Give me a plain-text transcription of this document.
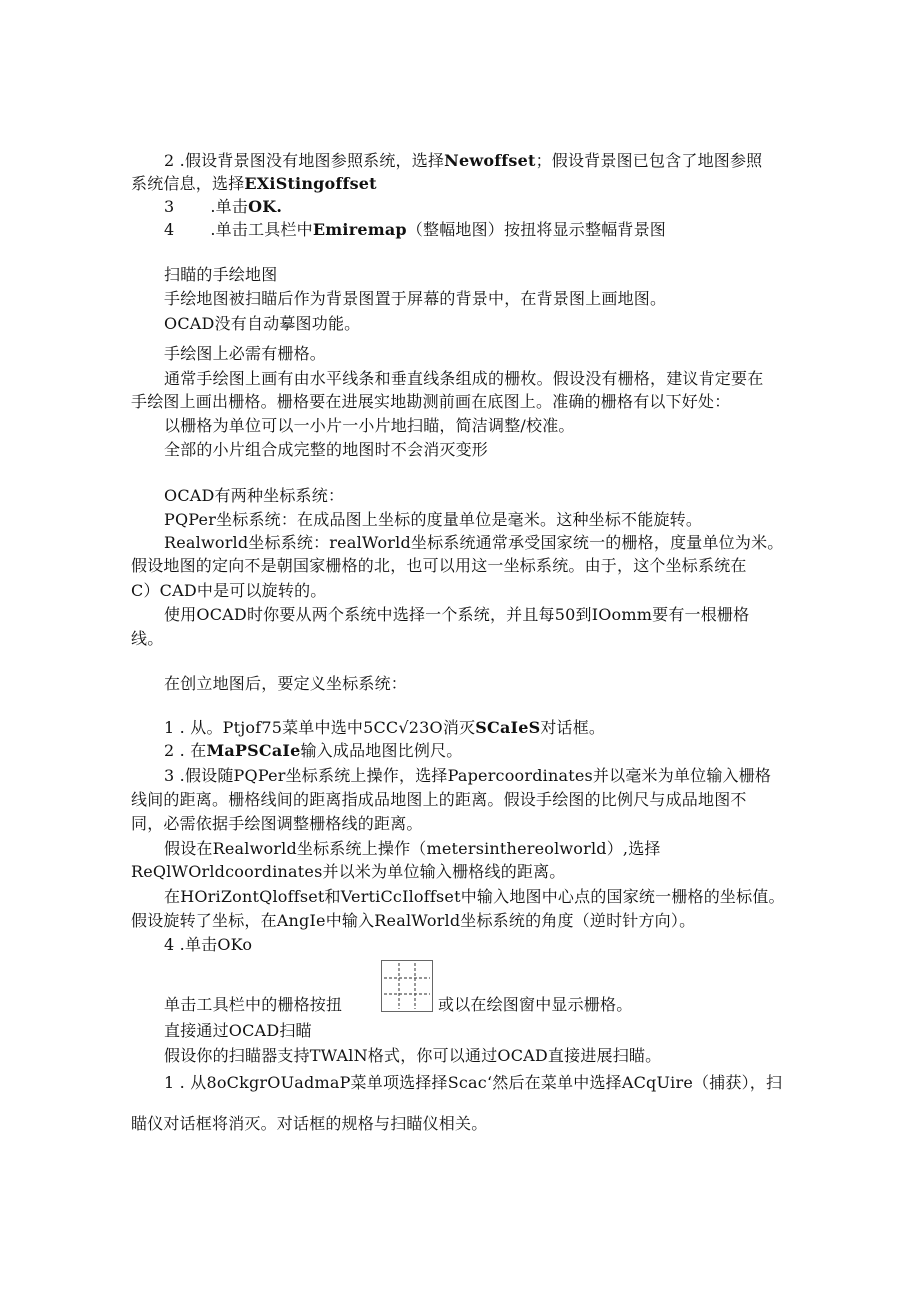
2 .假设背景图没有地图参照系统，选择Newoffset；假设背景图已包含了地图参照
系统信息，选择EXiStingoffset
3 .单击OK.
4 .单击工具栏中Emiremap（整幅地图）按扭将显示整幅背景图
扫瞄的手绘地图
手绘地图被扫瞄后作为背景图置于屏幕的背景中，在背景图上画地图。
OCAD没有自动摹图功能。
手绘图上必需有栅格。
通常手绘图上画有由水平线条和垂直线条组成的栅枚。假设没有栅格，建议肯定要在
手绘图上画出栅格。栅格要在进展实地勘测前画在底图上。准确的栅格有以下好处：
以栅格为单位可以一小片一小片地扫瞄，简洁调整/校准。
全部的小片组合成完整的地图时不会消灭变形
OCAD有两种坐标系统：
PQPer坐标系统：在成品图上坐标的度量单位是毫米。这种坐标不能旋转。
Realworld坐标系统：realWorld坐标系统通常承受国家统一的栅格，度量单位为米。
假设地图的定向不是朝国家栅格的北，也可以用这一坐标系统。由于，这个坐标系统在
C）CAD中是可以旋转的。
使用OCAD时你要从两个系统中选择一个系统，并且每50到IOomm要有一根栅格
线。
在创立地图后，要定义坐标系统：
1 . 从。Ptjof75菜单中选中5CC√23O消灭SCaIeS对话框。
2 . 在MaPSCaIe输入成品地图比例尺。
3 .假设随PQPer坐标系统上操作，选择Papercoordinates并以毫米为单位输入栅格
线间的距离。栅格线间的距离指成品地图上的距离。假设手绘图的比例尺与成品地图不
同，必需依据手绘图调整栅格线的距离。
假设在Realworld坐标系统上操作（metersinthereolworld）,选择
ReQlWOrldcoordinates并以米为单位输入栅格线的距离。
在HOriZontQloffset和VertiCcIloffset中输入地图中心点的国家统一栅格的坐标值。
假设旋转了坐标，在AngIe中输入RealWorld坐标系统的角度（逆时针方向）。
4 .单击OKo
单击工具栏中的栅格按扭	或以在绘图窗中显示栅格。
直接通过OCAD扫瞄
假设你的扫瞄器支持TWAlN格式，你可以通过OCAD直接进展扫瞄。
1 . 从8oCkgrOUadmaP菜单项选择择Scac‘然后在菜单中选择ACqUire（捕获），扫
瞄仪对话框将消灭。对话框的规格与扫瞄仪相关。
